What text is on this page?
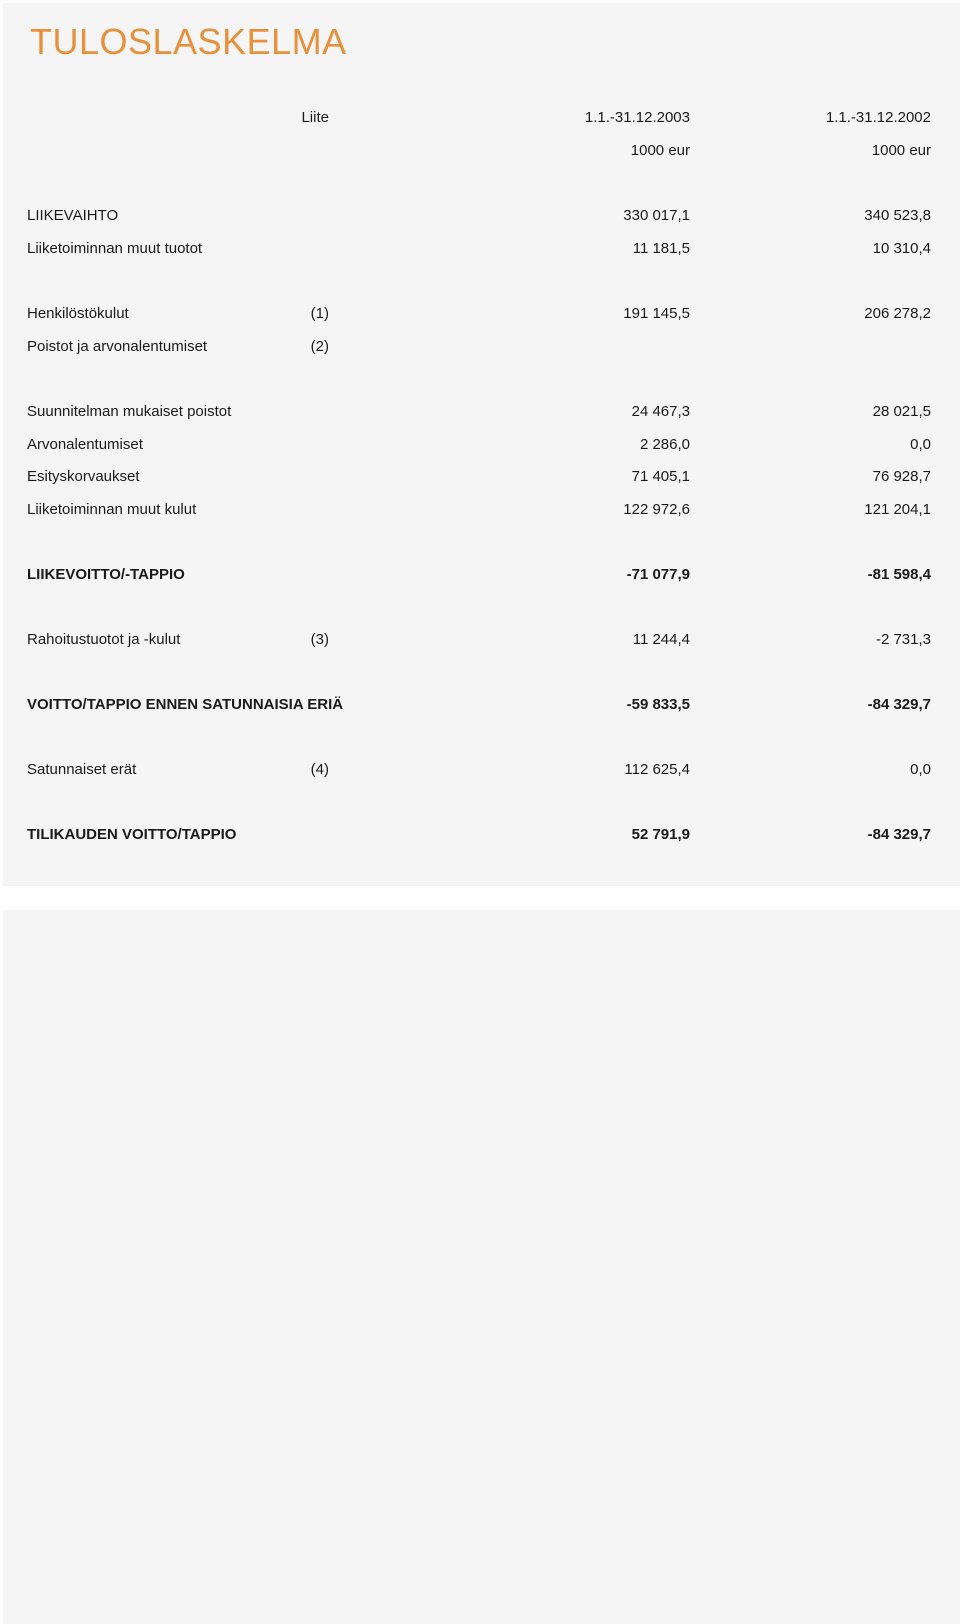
TULOSLASKELMA
Liite	1.1.-31.12.2003	1.1.-31.12.2002
1000 eur	1000 eur
LIIKEVAIHTO	330 017,1	340 523,8
Liiketoiminnan muut tuotot	11 181,5	10 310,4
Henkilöstökulut	(1)	191 145,5	206 278,2
Poistot ja arvonalentumiset	(2)
Suunnitelman mukaiset poistot	24 467,3	28 021,5
Arvonalentumiset	2 286,0	0,0
Esityskorvaukset	71 405,1	76 928,7
Liiketoiminnan muut kulut	122 972,6	121 204,1
LIIKEVOITTO/-TAPPIO	-71 077,9	-81 598,4
Rahoitustuotot ja -kulut	(3)	11 244,4	-2 731,3
VOITTO/TAPPIO ENNEN SATUNNAISIA ERIÄ	-59 833,5	-84 329,7
Satunnaiset erät	(4)	112 625,4	0,0
TILIKAUDEN VOITTO/TAPPIO	52 791,9	-84 329,7
